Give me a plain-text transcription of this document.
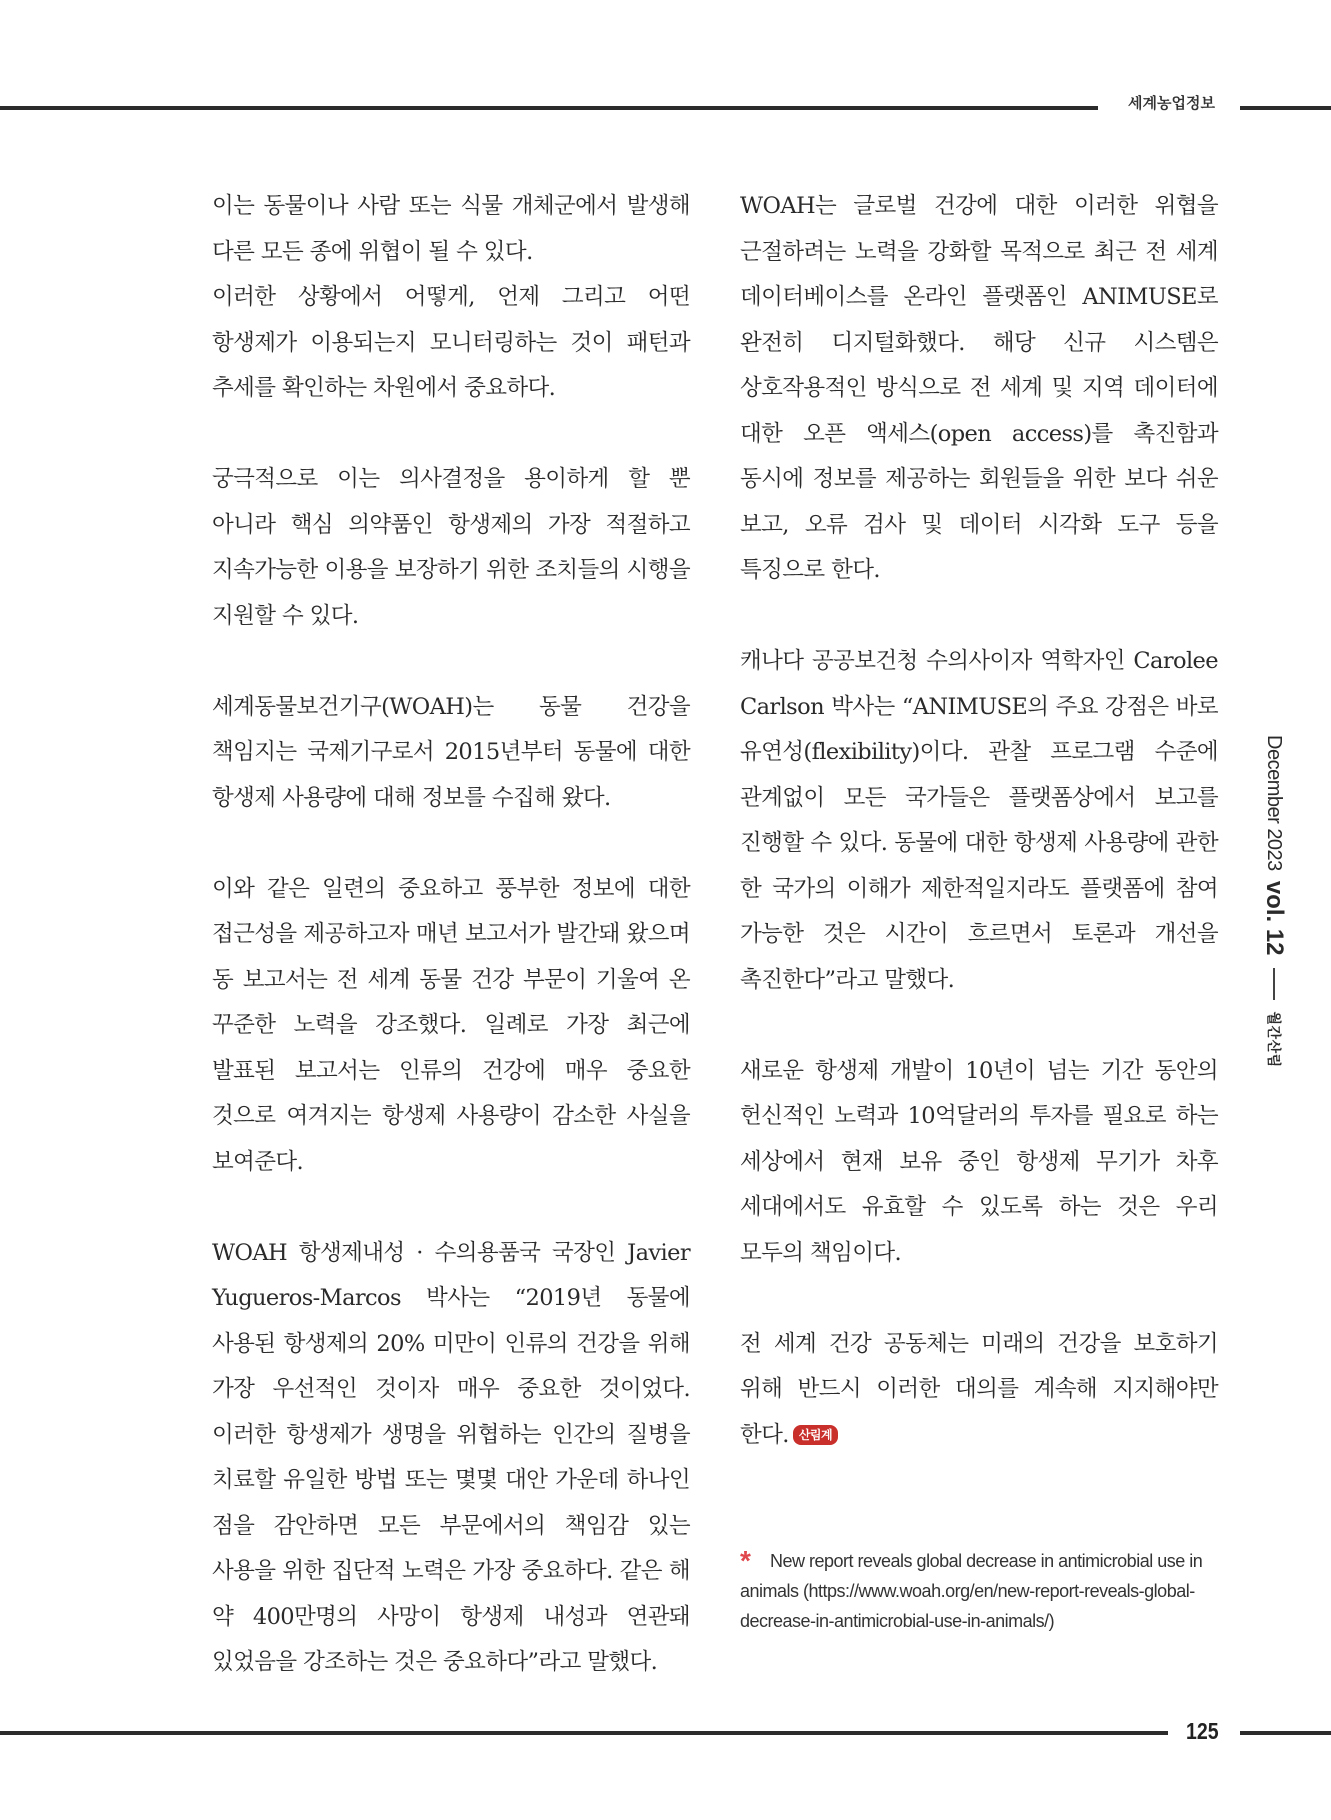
세계농업정보

이는 동물이나 사람 또는 식물 개체군에서 발생해 다른 모든 종에 위협이 될 수 있다.

이러한 상황에서 어떻게, 언제 그리고 어떤 항생제가 이용되는지 모니터링하는 것이 패턴과 추세를 확인하는 차원에서 중요하다.

궁극적으로 이는 의사결정을 용이하게 할 뿐 아니라 핵심 의약품인 항생제의 가장 적절하고 지속가능한 이용을 보장하기 위한 조치들의 시행을 지원할 수 있다.

세계동물보건기구(WOAH)는 동물 건강을 책임지는 국제기구로서 2015년부터 동물에 대한 항생제 사용량에 대해 정보를 수집해 왔다.

이와 같은 일련의 중요하고 풍부한 정보에 대한 접근성을 제공하고자 매년 보고서가 발간돼 왔으며 동 보고서는 전 세계 동물 건강 부문이 기울여 온 꾸준한 노력을 강조했다. 일례로 가장 최근에 발표된 보고서는 인류의 건강에 매우 중요한 것으로 여겨지는 항생제 사용량이 감소한 사실을 보여준다.

WOAH 항생제내성 · 수의용품국 국장인 Javier Yugueros-Marcos 박사는 “2019년 동물에 사용된 항생제의 20% 미만이 인류의 건강을 위해 가장 우선적인 것이자 매우 중요한 것이었다. 이러한 항생제가 생명을 위협하는 인간의 질병을 치료할 유일한 방법 또는 몇몇 대안 가운데 하나인 점을 감안하면 모든 부문에서의 책임감 있는 사용을 위한 집단적 노력은 가장 중요하다. 같은 해 약 400만명의 사망이 항생제 내성과 연관돼 있었음을 강조하는 것은 중요하다”라고 말했다.

WOAH는 글로벌 건강에 대한 이러한 위협을 근절하려는 노력을 강화할 목적으로 최근 전 세계 데이터베이스를 온라인 플랫폼인 ANIMUSE로 완전히 디지털화했다. 해당 신규 시스템은 상호작용적인 방식으로 전 세계 및 지역 데이터에 대한 오픈 액세스(open access)를 촉진함과 동시에 정보를 제공하는 회원들을 위한 보다 쉬운 보고, 오류 검사 및 데이터 시각화 도구 등을 특징으로 한다.

캐나다 공공보건청 수의사이자 역학자인 Carolee Carlson 박사는 “ANIMUSE의 주요 강점은 바로 유연성(flexibility)이다. 관찰 프로그램 수준에 관계없이 모든 국가들은 플랫폼상에서 보고를 진행할 수 있다. 동물에 대한 항생제 사용량에 관한 한 국가의 이해가 제한적일지라도 플랫폼에 참여 가능한 것은 시간이 흐르면서 토론과 개선을 촉진한다”라고 말했다.

새로운 항생제 개발이 10년이 넘는 기간 동안의 헌신적인 노력과 10억달러의 투자를 필요로 하는 세상에서 현재 보유 중인 항생제 무기가 차후 세대에서도 유효할 수 있도록 하는 것은 우리 모두의 책임이다.

전 세계 건강 공동체는 미래의 건강을 보호하기 위해 반드시 이러한 대의를 계속해 지지해야만 한다. 산림계

*	New report reveals global decrease in antimicrobial use in animals (https://www.woah.org/en/new-report-reveals-global-decrease-in-antimicrobial-use-in-animals/)
December 2023
vol. 12
월간산림
125
